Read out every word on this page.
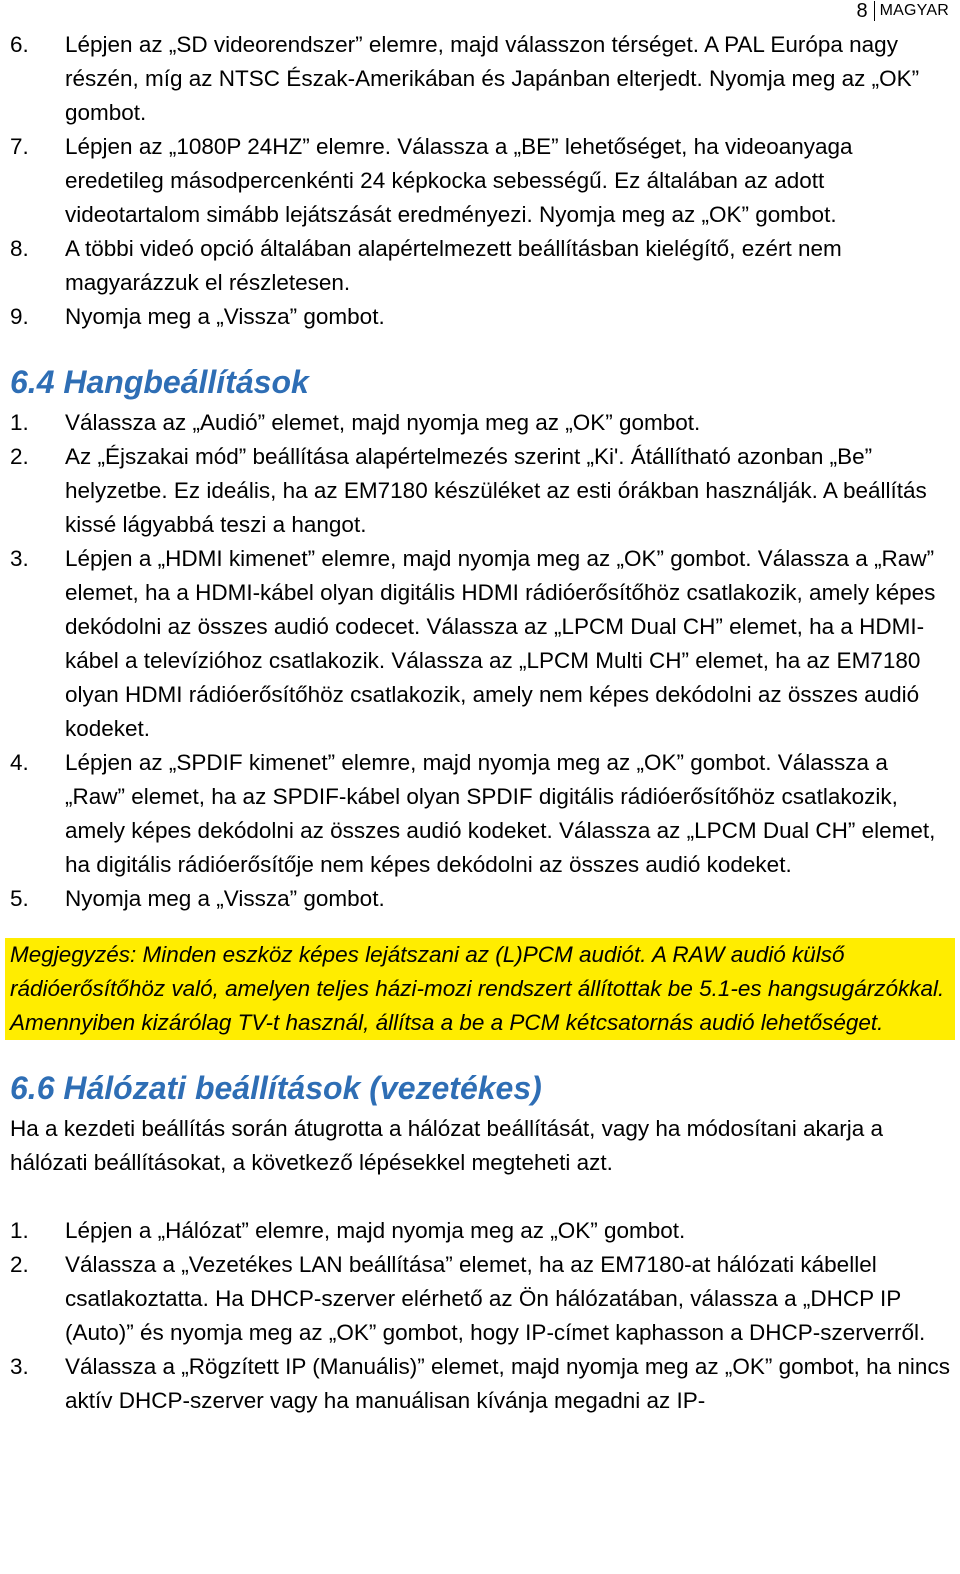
8 MAGYAR
6. Lépjen az „SD videorendszer” elemre, majd válasszon térséget. A PAL Európa nagy részén, míg az NTSC Észak-Amerikában és Japánban elterjedt. Nyomja meg az „OK” gombot.
7. Lépjen az „1080P 24HZ” elemre. Válassza a „BE” lehetőséget, ha videoanyaga eredetileg másodpercenkénti 24 képkocka sebességű. Ez általában az adott videotartalom simább lejátszását eredményezi. Nyomja meg az „OK” gombot.
8. A többi videó opció általában alapértelmezett beállításban kielégítő, ezért nem magyarázzuk el részletesen.
9. Nyomja meg a „Vissza” gombot.
6.4 Hangbeállítások
1. Válassza az „Audió” elemet, majd nyomja meg az „OK” gombot.
2. Az „Éjszakai mód” beállítása alapértelmezés szerint „Ki'. Átállítható azonban „Be” helyzetbe. Ez ideális, ha az EM7180 készüléket az esti órákban használják. A beállítás kissé lágyabbá teszi a hangot.
3. Lépjen a „HDMI kimenet” elemre, majd nyomja meg az „OK” gombot. Válassza a „Raw” elemet, ha a HDMI-kábel olyan digitális HDMI rádióerősítőhöz csatlakozik, amely képes dekódolni az összes audió codecet. Válassza az „LPCM Dual CH” elemet, ha a HDMI-kábel a televízióhoz csatlakozik. Válassza az „LPCM Multi CH” elemet, ha az EM7180 olyan HDMI rádióerősítőhöz csatlakozik, amely nem képes dekódolni az összes audió kodeket.
4. Lépjen az „SPDIF kimenet” elemre, majd nyomja meg az „OK” gombot. Válassza a „Raw” elemet, ha az SPDIF-kábel olyan SPDIF digitális rádióerősítőhöz csatlakozik, amely képes dekódolni az összes audió kodeket. Válassza az „LPCM Dual CH” elemet, ha digitális rádióerősítője nem képes dekódolni az összes audió kodeket.
5. Nyomja meg a „Vissza” gombot.
Megjegyzés: Minden eszköz képes lejátszani az (L)PCM audiót. A RAW audió külső rádióerősítőhöz való, amelyen teljes házi-mozi rendszert állítottak be 5.1-es hangsugárzókkal. Amennyiben kizárólag TV-t használ, állítsa a be a PCM kétcsatornás audió lehetőséget.
6.6 Hálózati beállítások (vezetékes)

Ha a kezdeti beállítás során átugrotta a hálózat beállítását, vagy ha módosítani akarja a hálózati beállításokat, a következő lépésekkel megteheti azt.

1. Lépjen a „Hálózat” elemre, majd nyomja meg az „OK” gombot.
2. Válassza a „Vezetékes LAN beállítása” elemet, ha az EM7180-at hálózati kábellel csatlakoztatta. Ha DHCP-szerver elérhető az Ön hálózatában, válassza a „DHCP IP (Auto)” és nyomja meg az „OK” gombot, hogy IP-címet kaphasson a DHCP-szerverről.
3. Válassza a „Rögzített IP (Manuális)” elemet, majd nyomja meg az „OK” gombot, ha nincs aktív DHCP-szerver vagy ha manuálisan kívánja megadni az IP-
